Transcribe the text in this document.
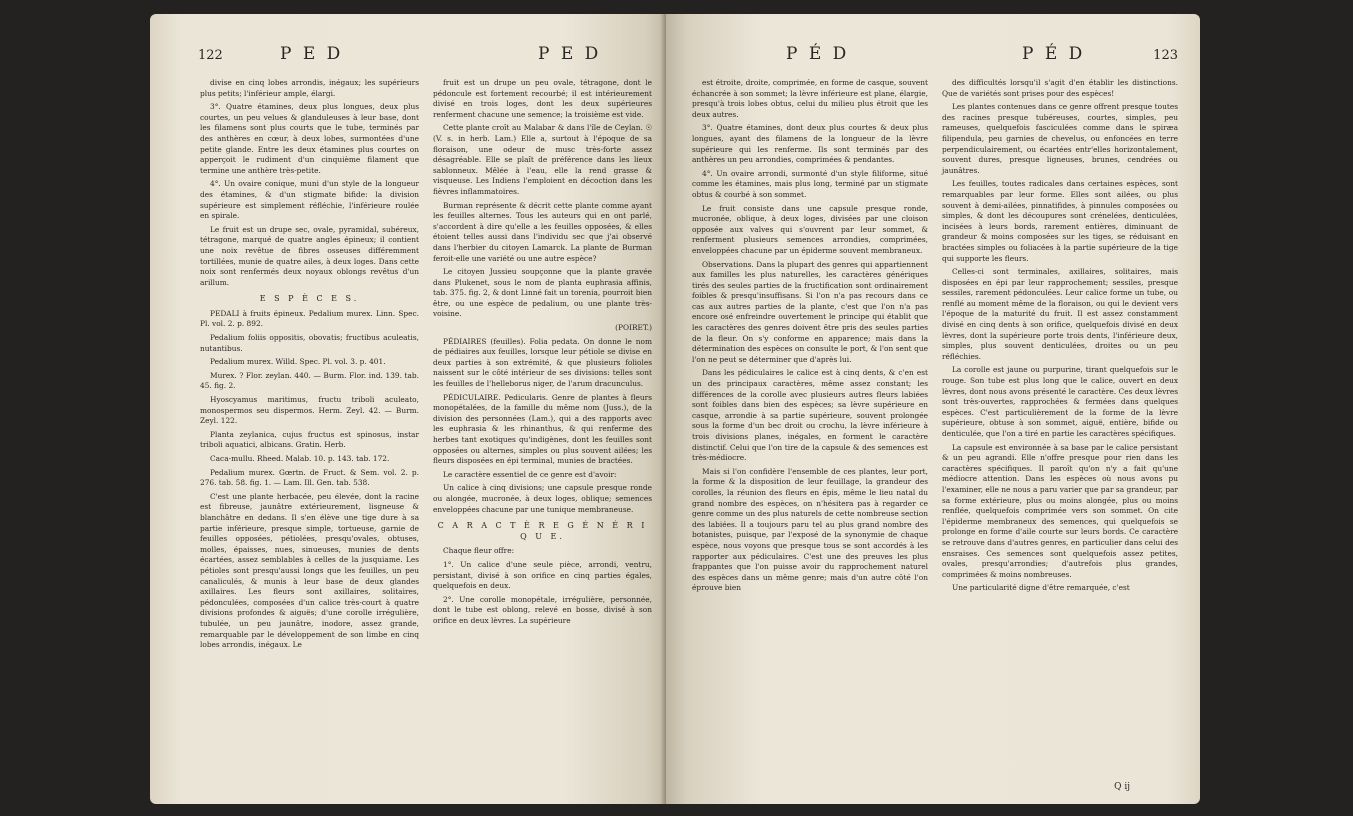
122	P E D	P E D

divise en cinq lobes arrondis, inégaux; les supérieurs plus petits; l'inférieur ample, élargi.

3°. Quatre étamines, deux plus longues, deux plus courtes, un peu velues & glanduleuses à leur base, dont les filamens sont plus courts que le tube, terminés par des anthères en cœur, à deux lobes, surmontées d'une petite glande. Entre les deux étamines plus courtes on apperçoit le rudiment d'un cinquième filament que termine une anthère très-petite.

4°. Un ovaire conique, muni d'un style de la longueur des étamines, & d'un stigmate bifide: la division supérieure est simplement réfléchie, l'inférieure roulée en spirale.

Le fruit est un drupe sec, ovale, pyramidal, subéreux, tétragone, marqué de quatre angles épineux; il contient une noix revêtue de fibres osseuses différemment tortillées, munie de quatre ailes, à deux loges. Dans cette noix sont renfermés deux noyaux oblongs revêtus d'un arillum.

E S P È C E S.

PEDALI à fruits épineux. Pedalium murex. Linn. Spec. Pl. vol. 2. p. 892.

Pedalium foliis oppositis, obovatis; fructibus aculeatis, nutantibus.

Pedalium murex. Willd. Spec. Pl. vol. 3. p. 401.

Murex. ? Flor. zeylan. 440. — Burm. Flor. ind. 139. tab. 45. fig. 2.

Hyoscyamus maritimus, fructu triboli aculeato, monospermos seu dispermos. Herm. Zeyl. 42. — Burm. Zeyl. 122.

Planta zeylanica, cujus fructus est spinosus, instar triboli aquatici, albicans. Gratin. Herb.

Caca-mullu. Rheed. Malab. 10. p. 143. tab. 172.

Pedalium murex. Gœrtn. de Fruct. & Sem. vol. 2. p. 276. tab. 58. fig. 1. — Lam. Ill. Gen. tab. 538.

C'est une plante herbacée, peu élevée, dont la racine est fibreuse, jaunâtre extérieurement, lisgneuse & blanchâtre en dedans. Il s'en élève une tige dure à sa partie inférieure, presque simple, tortueuse, garnie de feuilles opposées, pétiolées, presqu'ovales, obtuses, molles, épaisses, nues, sinueuses, munies de dents écartées, assez semblables à celles de la jusquiame. Les pétioles sont presqu'aussi longs que les feuilles, un peu canaliculés, & munis à leur base de deux glandes axillaires. Les fleurs sont axillaires, solitaires, pédonculées, composées d'un calice très-court à quatre divisions profondes & aiguës; d'une corolle irrégulière, tubulée, un peu jaunâtre, inodore, assez grande, remarquable par le développement de son limbe en cinq lobes arrondis, inégaux. Le

fruit est un drupe un peu ovale, tétragone, dont le pédoncule est fortement recourbé; il est intérieurement divisé en trois loges, dont les deux supérieures renferment chacune une semence; la troisième est vide.

Cette plante croît au Malabar & dans l'île de Ceylan. ☉ (V. s. in herb. Lam.) Elle a, surtout à l'époque de sa floraison, une odeur de musc très-forte assez désagréable. Elle se plaît de préférence dans les lieux sablonneux. Mêlée à l'eau, elle la rend grasse & visqueuse. Les Indiens l'emploient en décoction dans les fièvres inflammatoires.

Burman représente & décrit cette plante comme ayant les feuilles alternes. Tous les auteurs qui en ont parlé, s'accordent à dire qu'elle a les feuilles opposées, & elles étoient telles aussi dans l'individu sec que j'ai observé dans l'herbier du citoyen Lamarck. La plante de Burman feroit-elle une variété ou une autre espèce?

Le citoyen Jussieu soupçonne que la plante gravée dans Plukenet, sous le nom de planta euphrasia affinis, tab. 375. fig. 2, & dont Linné fait un torenia, pourroit bien être, ou une espèce de pedalium, ou une plante très-voisine.

(POIRET.)

PÉDIAIRES (feuilles). Folia pedata. On donne le nom de pédiaires aux feuilles, lorsque leur pétiole se divise en deux parties à son extrémité, & que plusieurs folioles naissent sur le côté intérieur de ses divisions: telles sont les feuilles de l'helleborus niger, de l'arum dracunculus.

PÉDICULAIRE. Pedicularis. Genre de plantes à fleurs monopétalées, de la famille du même nom (Juss.), de la division des personnées (Lam.), qui a des rapports avec les euphrasia & les rhinanthus, & qui renferme des herbes tant exotiques qu'indigènes, dont les feuilles sont opposées ou alternes, simples ou plus souvent ailées; les fleurs disposées en épi terminal, munies de bractées.

Le caractère essentiel de ce genre est d'avoir:

Un calice à cinq divisions; une capsule presque ronde ou alongée, mucronée, à deux loges, oblique; semences enveloppées chacune par une tunique membraneuse.

C A R A C T È R E G É N É R I Q U E.

Chaque fleur offre:

1°. Un calice d'une seule pièce, arrondi, ventru, persistant, divisé à son orifice en cinq parties égales, quelquefois en deux.

2°. Une corolle monopétale, irrégulière, personnée, dont le tube est oblong, relevé en bosse, divisé à son orifice en deux lèvres. La supérieure

P É D	P É D	123

est étroite, droite, comprimée, en forme de casque, souvent échancrée à son sommet; la lèvre inférieure est plane, élargie, presqu'à trois lobes obtus, celui du milieu plus étroit que les deux autres.

3°. Quatre étamines, dont deux plus courtes & deux plus longues, ayant des filamens de la longueur de la lèvre supérieure qui les renferme. Ils sont terminés par des anthères un peu arrondies, comprimées & pendantes.

4°. Un ovaire arrondi, surmonté d'un style filiforme, situé comme les étamines, mais plus long, terminé par un stigmate obtus & courbé à son sommet.

Le fruit consiste dans une capsule presque ronde, mucronée, oblique, à deux loges, divisées par une cloison opposée aux valves qui s'ouvrent par leur sommet, & renferment plusieurs semences arrondies, comprimées, enveloppées chacune par un épiderme souvent membraneux.

Observations. Dans la plupart des genres qui appartiennent aux familles les plus naturelles, les caractères génériques tirés des seules parties de la fructification sont ordinairement foibles & presqu'insuffisans. Si l'on n'a pas recours dans ce cas aux autres parties de la plante, c'est que l'on n'a pas encore osé enfreindre ouvertement le principe qui établit que les caractères des genres doivent être pris des seules parties de la fleur. On s'y conforme en apparence; mais dans la détermination des espèces on consulte le port, & l'on sent que l'on ne peut se déterminer que d'après lui.

Dans les pédiculaires le calice est à cinq dents, & c'en est un des principaux caractères, même assez constant; les différences de la corolle avec plusieurs autres fleurs labiées sont foibles dans bien des espèces; sa lèvre supérieure en casque, arrondie à sa partie supérieure, souvent prolongée sous la forme d'un bec droit ou crochu, la lèvre inférieure à trois divisions planes, inégales, en forment le caractère distinctif. Celui que l'on tire de la capsule & des semences est très-médiocre.

Mais si l'on confidère l'ensemble de ces plantes, leur port, la forme & la disposition de leur feuillage, la grandeur des corolles, la réunion des fleurs en épis, même le lieu natal du grand nombre des espèces, on n'hésitera pas à regarder ce genre comme un des plus naturels de cette nombreuse section des labiées. Il a toujours paru tel au plus grand nombre des botanistes, puisque, par l'exposé de la synonymie de chaque espèce, nous voyons que presque tous se sont accordés à les rapporter aux pédiculaires. C'est une des preuves les plus frappantes que l'on puisse avoir du rapprochement naturel des espèces dans un même genre; mais d'un autre côté l'on éprouve bien

des difficultés lorsqu'il s'agit d'en établir les distinctions. Que de variétés sont prises pour des espèces!

Les plantes contenues dans ce genre offrent presque toutes des racines presque tubéreuses, courtes, simples, peu rameuses, quelquefois fasciculées comme dans le spiræa filipendula, peu garnies de chevelus, ou enfoncées en terre perpendiculairement, ou écartées entr'elles horizontalement, souvent dures, presque ligneuses, brunes, cendrées ou jaunâtres.

Les feuilles, toutes radicales dans certaines espèces, sont remarquables par leur forme. Elles sont ailées, ou plus souvent à demi-ailées, pinnatifides, à pinnules composées ou simples, & dont les découpures sont crénelées, denticulées, incisées à leurs bords, rarement entières, diminuant de grandeur & moins composées sur les tiges, se réduisant en bractées simples ou foliacées à la partie supérieure de la tige qui supporte les fleurs.

Celles-ci sont terminales, axillaires, solitaires, mais disposées en épi par leur rapprochement; sessiles, presque sessiles, rarement pédonculées. Leur calice forme un tube, ou renflé au moment même de la floraison, ou qui le devient vers l'époque de la maturité du fruit. Il est assez constamment divisé en cinq dents à son orifice, quelquefois divisé en deux lèvres, dont la supérieure porte trois dents, l'inférieure deux, simples, plus souvent denticulées, droites ou un peu réfléchies.

La corolle est jaune ou purpurine, tirant quelquefois sur le rouge. Son tube est plus long que le calice, ouvert en deux lèvres, dont nous avons présenté le caractère. Ces deux lèvres sont très-ouvertes, rapprochées & fermées dans quelques espèces. C'est particulièrement de la forme de la lèvre supérieure, obtuse à son sommet, aiguë, entière, bifide ou denticulée, que l'on a tiré en partie les caractères spécifiques.

La capsule est environnée à sa base par le calice persistant & un peu agrandi. Elle n'offre presque pour rien dans les caractères spécifiques. Il paroît qu'on n'y a fait qu'une médiocre attention. Dans les espèces où nous avons pu l'examiner, elle ne nous a paru varier que par sa grandeur, par sa forme extérieure, plus ou moins alongée, plus ou moins renflée, quelquefois comprimée vers son sommet. On cite l'épiderme membraneux des semences, qui quelquefois se prolonge en forme d'aile courte sur leurs bords. Ce caractère se retrouve dans d'autres genres, en particulier dans celui des ensraises. Ces semences sont quelquefois assez petites, ovales, presqu'arrondies; d'autrefois plus grandes, comprimées & moins nombreuses.

Une particularité digne d'être remarquée, c'est

Q ij
